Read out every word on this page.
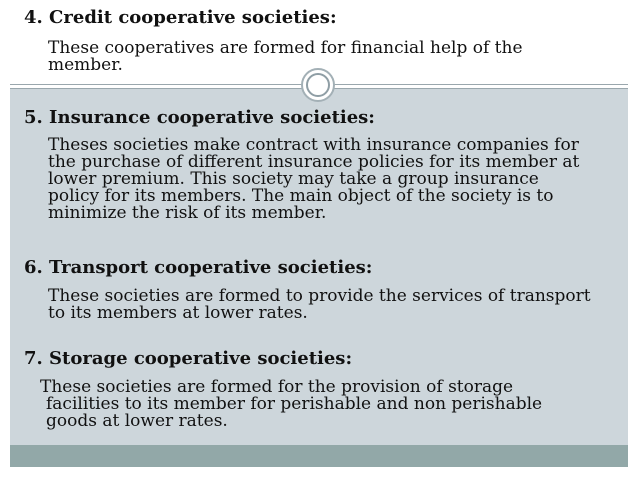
4. Credit cooperative societies:
These cooperatives are formed for financial help of the
member.
5. Insurance cooperative societies:
Theses societies make contract with insurance companies for
the purchase of different insurance policies for its member at
lower premium. This society may take a group insurance
policy for its members. The main object of the society is to
minimize the risk of its member.
6. Transport cooperative societies:
These societies are formed to provide the services of transport
to its members at lower rates.
7. Storage cooperative societies:
These societies are formed for the provision of storage
facilities to its member for perishable and non perishable
goods at lower rates.
